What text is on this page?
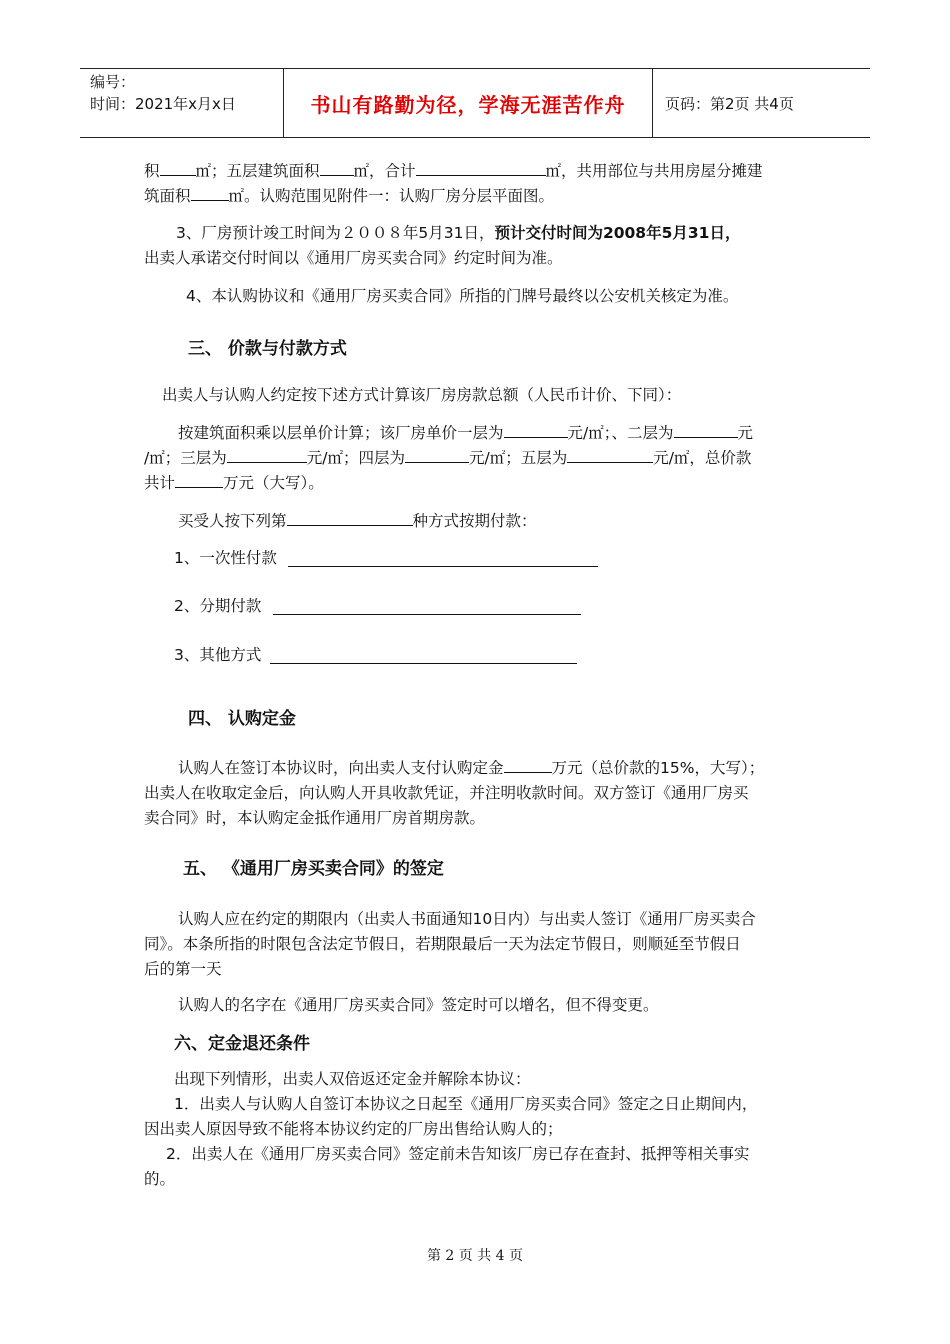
编号：
时间：2021年x月x日	书山有路勤为径，学海无涯苦作舟	页码：第2页 共4页
积 ㎡；五层建筑面积 ㎡，合计	㎡，共用部位与共用房屋分摊建
筑面积 ㎡。认购范围见附件一：认购厂房分层平面图。
3、厂房预计竣工时间为２００８年5月31日，预计交付时间为2008年5月31日，
出卖人承诺交付时间以《通用厂房买卖合同》约定时间为准。
4、本认购协议和《通用厂房买卖合同》所指的门牌号最终以公安机关核定为准。
三、 价款与付款方式
出卖人与认购人约定按下述方式计算该厂房房款总额（人民币计价、下同）：
按建筑面积乘以层单价计算；该厂房单价一层为	元/㎡；、二层为	元
/㎡；三层为	元/㎡；四层为	元/㎡；五层为	元/㎡，总价款
共计	万元（大写）。
买受人按下列第	种方式按期付款：
1、一次性付款
2、分期付款
3、其他方式
四、 认购定金
认购人在签订本协议时，向出卖人支付认购定金	万元（总价款的15%，大写）；
出卖人在收取定金后，向认购人开具收款凭证，并注明收款时间。双方签订《通用厂房买
卖合同》时，本认购定金抵作通用厂房首期房款。
五、 《通用厂房买卖合同》的签定
认购人应在约定的期限内（出卖人书面通知10日内）与出卖人签订《通用厂房买卖合
同》。本条所指的时限包含法定节假日，若期限最后一天为法定节假日，则顺延至节假日
后的第一天
认购人的名字在《通用厂房买卖合同》签定时可以增名，但不得变更。
六、定金退还条件
出现下列情形，出卖人双倍返还定金并解除本协议：
1．出卖人与认购人自签订本协议之日起至《通用厂房买卖合同》签定之日止期间内，
因出卖人原因导致不能将本协议约定的厂房出售给认购人的；
2．出卖人在《通用厂房买卖合同》签定前未告知该厂房已存在查封、抵押等相关事实
的。
第 2 页 共 4 页
